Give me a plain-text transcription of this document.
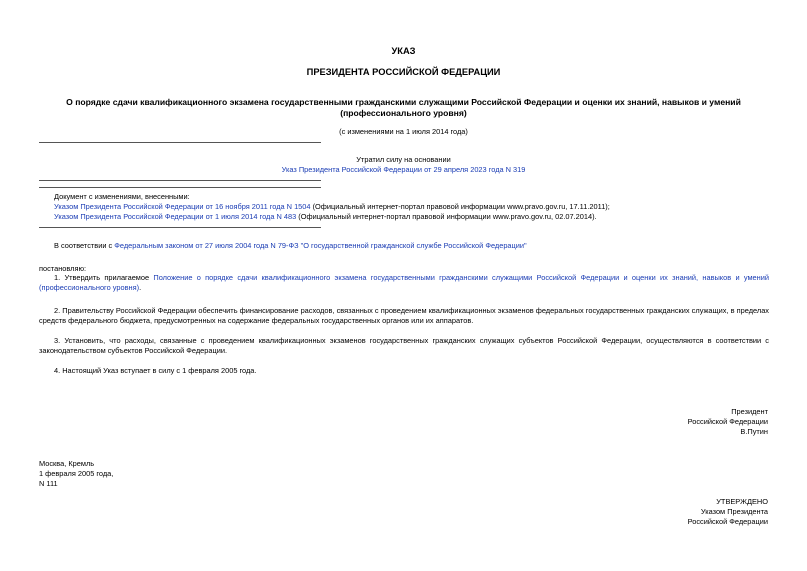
УКАЗ
ПРЕЗИДЕНТА РОССИЙСКОЙ ФЕДЕРАЦИИ
О порядке сдачи квалификационного экзамена государственными гражданскими служащими Российской Федерации и оценки их знаний, навыков и умений (профессионального уровня)
(с изменениями на 1 июля 2014 года)
Утратил силу на основании
Указ Президента Российской Федерации от 29 апреля 2023 года N 319
Документ с изменениями, внесенными:
Указом Президента Российской Федерации от 16 ноября 2011 года N 1504 (Официальный интернет-портал правовой информации www.pravo.gov.ru, 17.11.2011);
Указом Президента Российской Федерации от 1 июля 2014 года N 483 (Официальный интернет-портал правовой информации www.pravo.gov.ru, 02.07.2014).
В соответствии с Федеральным законом от 27 июля 2004 года N 79-ФЗ "О государственной гражданской службе Российской Федерации"
постановляю:
1. Утвердить прилагаемое Положение о порядке сдачи квалификационного экзамена государственными гражданскими служащими Российской Федерации и оценки их знаний, навыков и умений (профессионального уровня).
2. Правительству Российской Федерации обеспечить финансирование расходов, связанных с проведением квалификационных экзаменов федеральных государственных гражданских служащих, в пределах средств федерального бюджета, предусмотренных на содержание федеральных государственных органов или их аппаратов.
3. Установить, что расходы, связанные с проведением квалификационных экзаменов государственных гражданских служащих субъектов Российской Федерации, осуществляются в соответствии с законодательством субъектов Российской Федерации.
4. Настоящий Указ вступает в силу с 1 февраля 2005 года.
Президент
Российской Федерации
В.Путин
Москва, Кремль
1 февраля 2005 года,
N 111
УТВЕРЖДЕНО
Указом Президента
Российской Федерации
